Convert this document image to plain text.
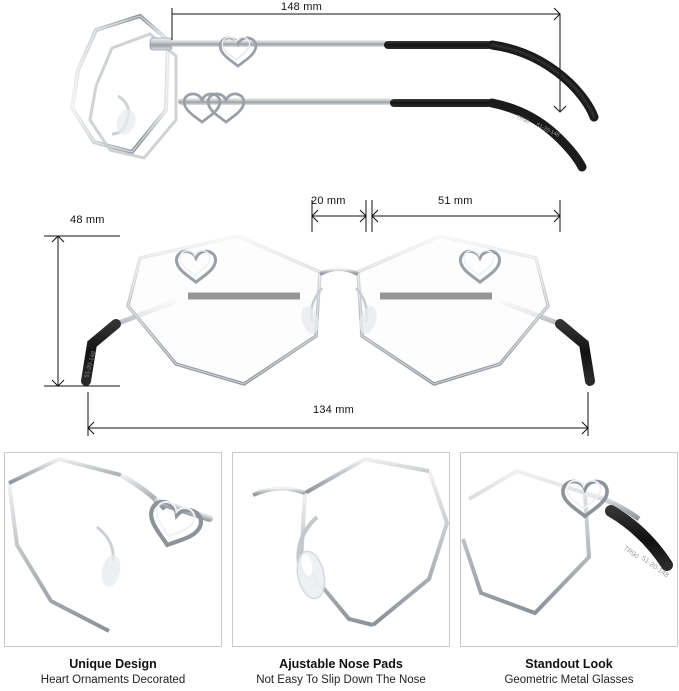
TR90
51-20-148
148 mm
51-20-148
20 mm	51 mm
48 mm
134 mm
Unique Design
Heart Ornaments Decorated
Ajustable Nose Pads
Not Easy To Slip Down The Nose
TR90
51-20-148
Standout Look
Geometric Metal Glasses
